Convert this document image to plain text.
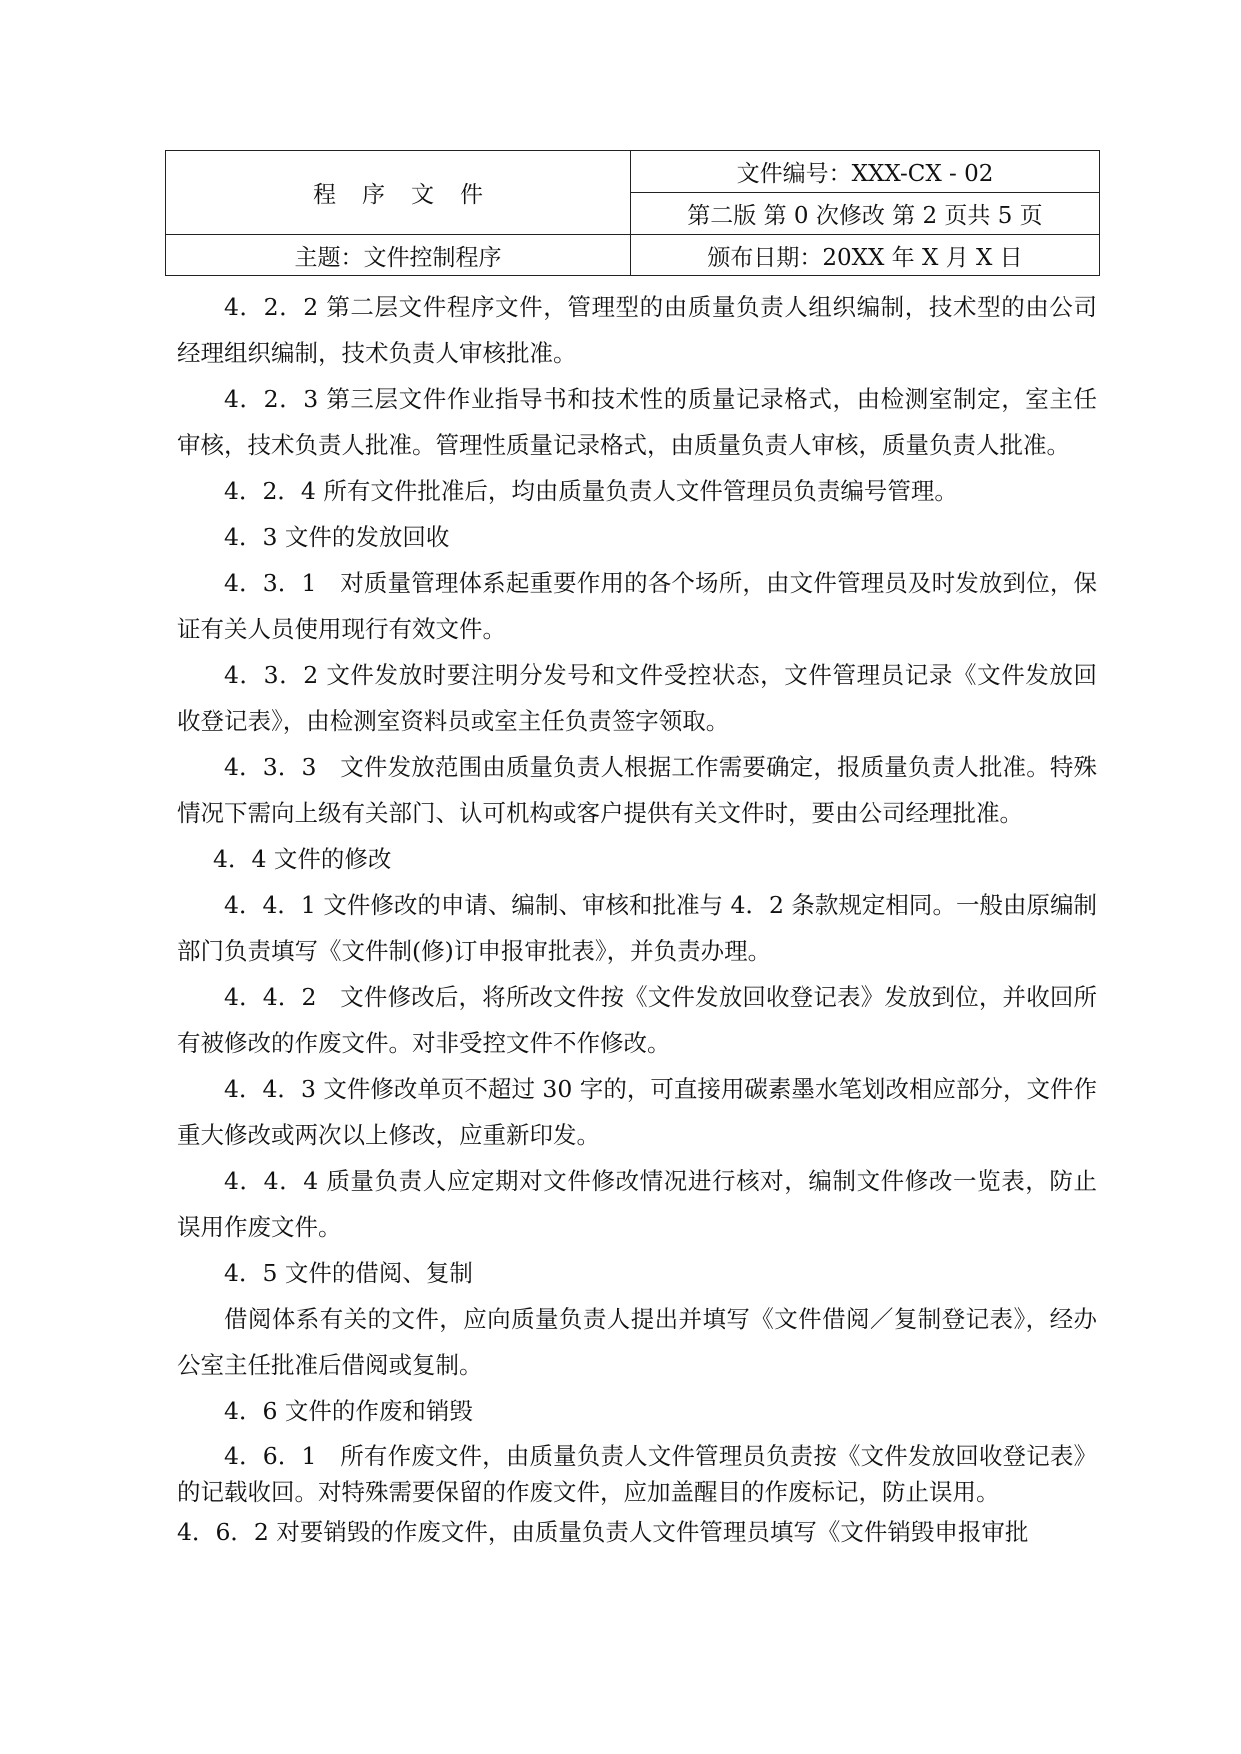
程序文件	文件编号：XXX-CX - 02
	第二版 第 0 次修改 第 2 页共 5 页
主题：文件控制程序	颁布日期：20XX 年 X 月 X 日

4．2．2 第二层文件程序文件，管理型的由质量负责人组织编制，技术型的由公司经理组织编制，技术负责人审核批准。

4．2．3 第三层文件作业指导书和技术性的质量记录格式，由检测室制定，室主任审核，技术负责人批准。管理性质量记录格式，由质量负责人审核，质量负责人批准。

4．2．4 所有文件批准后，均由质量负责人文件管理员负责编号管理。

4．3 文件的发放回收

4．3．1　对质量管理体系起重要作用的各个场所，由文件管理员及时发放到位，保证有关人员使用现行有效文件。

4．3．2 文件发放时要注明分发号和文件受控状态，文件管理员记录《文件发放回收登记表》，由检测室资料员或室主任负责签字领取。

4．3．3　文件发放范围由质量负责人根据工作需要确定，报质量负责人批准。特殊情况下需向上级有关部门、认可机构或客户提供有关文件时，要由公司经理批准。

4．4 文件的修改

4．4．1 文件修改的申请、编制、审核和批准与 4．2 条款规定相同。一般由原编制部门负责填写《文件制(修)订申报审批表》，并负责办理。

4．4．2　文件修改后，将所改文件按《文件发放回收登记表》发放到位，并收回所有被修改的作废文件。对非受控文件不作修改。

4．4．3 文件修改单页不超过 30 字的，可直接用碳素墨水笔划改相应部分，文件作重大修改或两次以上修改，应重新印发。

4．4．4 质量负责人应定期对文件修改情况进行核对，编制文件修改一览表，防止误用作废文件。

4．5 文件的借阅、复制

借阅体系有关的文件，应向质量负责人提出并填写《文件借阅／复制登记表》，经办公室主任批准后借阅或复制。

4．6 文件的作废和销毁

4．6．1　所有作废文件，由质量负责人文件管理员负责按《文件发放回收登记表》的记载收回。对特殊需要保留的作废文件，应加盖醒目的作废标记，防止误用。

4．6．2 对要销毁的作废文件，由质量负责人文件管理员填写《文件销毁申报审批
